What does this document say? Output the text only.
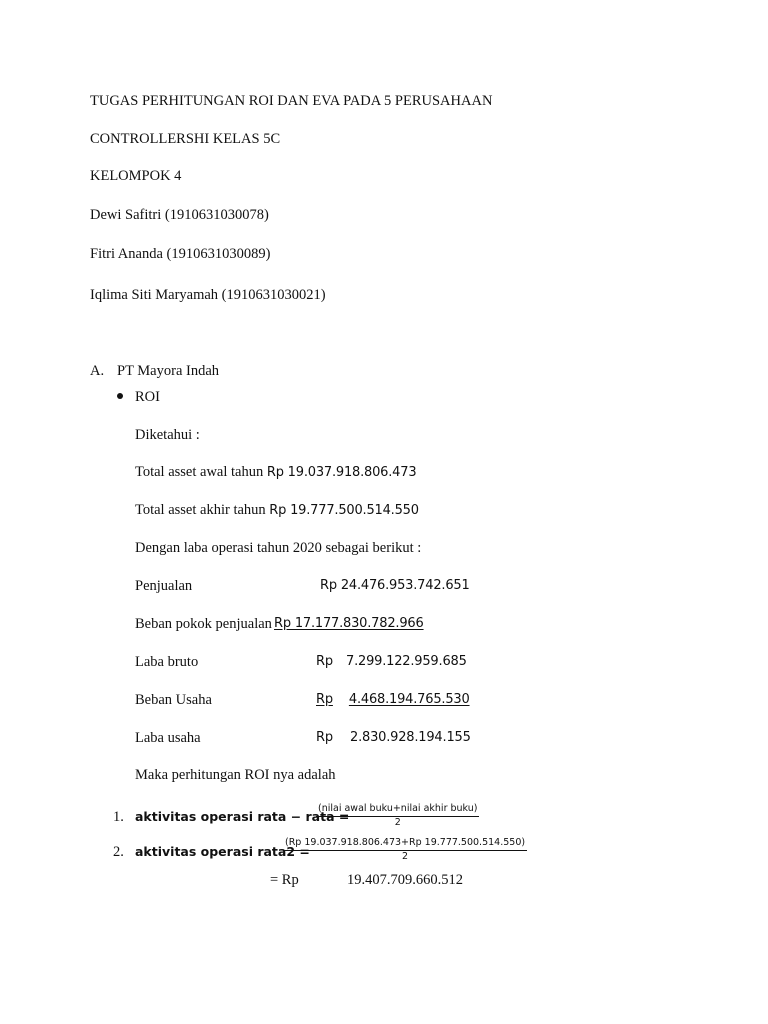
TUGAS PERHITUNGAN ROI DAN EVA PADA 5 PERUSAHAAN
CONTROLLERSHI KELAS 5C
KELOMPOK 4
Dewi Safitri (1910631030078)
Fitri Ananda (1910631030089)
Iqlima Siti Maryamah (1910631030021)
A. PT Mayora Indah
ROI
Diketahui :
Total asset awal tahun Rp 19.037.918.806.473
Total asset akhir tahun Rp 19.777.500.514.550
Dengan laba operasi tahun 2020 sebagai berikut :
Penjualan	Rp 24.476.953.742.651
Beban pokok penjualan Rp 17.177.830.782.966
Laba bruto	Rp 7.299.122.959.685
Beban Usaha	Rp 4.468.194.765.530
Laba usaha	Rp 2.830.928.194.155
Maka perhitungan ROI nya adalah
1. aktivitas operasi rata − rata =
(nilai awal buku+nilai akhir buku)
2
2. aktivitas operasi rata2 =
$\frac{(Rp 19.037.918.806.473+Rp 19.777.500.514.550)}{2}$
= Rp	19.407.709.660.512
